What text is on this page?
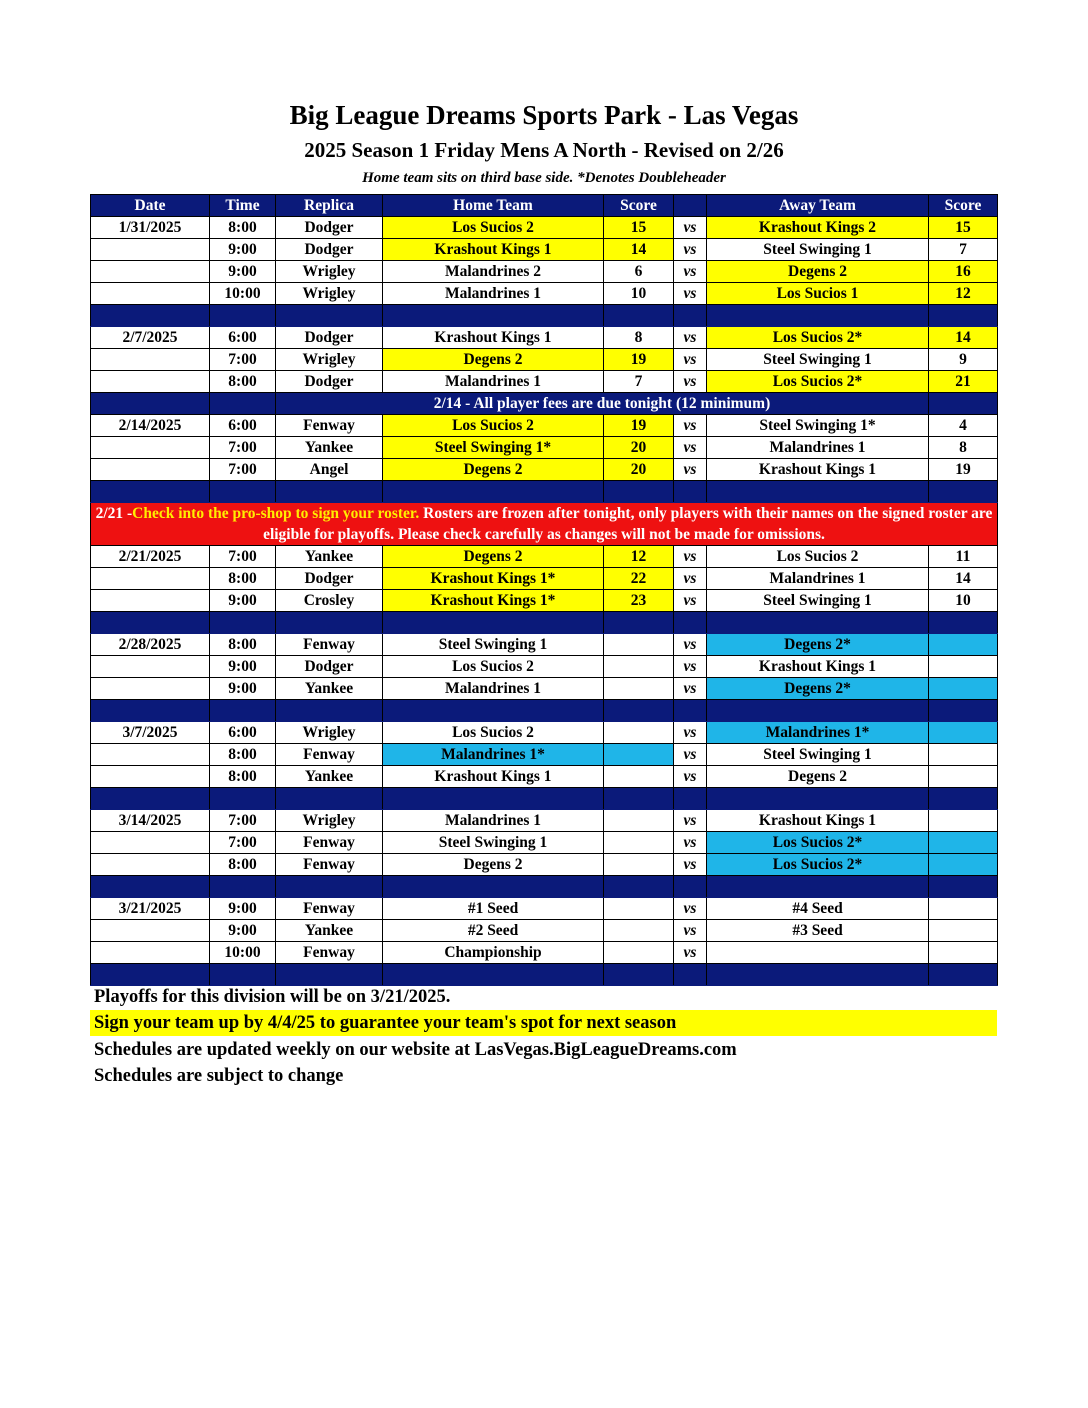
Big League Dreams Sports Park - Las Vegas
2025 Season 1 Friday Mens A North - Revised on 2/26
Home team sits on third base side. *Denotes Doubleheader
Date	Time	Replica	Home Team	Score		Away Team	Score
1/31/2025	8:00	Dodger	Los Sucios 2	15	vs	Krashout Kings 2	15
	9:00	Dodger	Krashout Kings 1	14	vs	Steel Swinging 1	7
	9:00	Wrigley	Malandrines 2	6	vs	Degens 2	16
	10:00	Wrigley	Malandrines 1	10	vs	Los Sucios 1	12

2/7/2025	6:00	Dodger	Krashout Kings 1	8	vs	Los Sucios 2*	14
	7:00	Wrigley	Degens 2	19	vs	Steel Swinging 1	9
	8:00	Dodger	Malandrines 1	7	vs	Los Sucios 2*	21
		2/14 - All player fees are due tonight (12 minimum)					
2/14/2025	6:00	Fenway	Los Sucios 2	19	vs	Steel Swinging 1*	4
	7:00	Yankee	Steel Swinging 1*	20	vs	Malandrines 1	8
	7:00	Angel	Degens 2	20	vs	Krashout Kings 1	19

2/21 -Check into the pro-shop to sign your roster. Rosters are frozen after tonight, only players with their names on the signed roster are eligible for playoffs. Please check carefully as changes will not be made for omissions.							
2/21/2025	7:00	Yankee	Degens 2	12	vs	Los Sucios 2	11
	8:00	Dodger	Krashout Kings 1*	22	vs	Malandrines 1	14
	9:00	Crosley	Krashout Kings 1*	23	vs	Steel Swinging 1	10

2/28/2025	8:00	Fenway	Steel Swinging 1		vs	Degens 2*	
	9:00	Dodger	Los Sucios 2		vs	Krashout Kings 1	
	9:00	Yankee	Malandrines 1		vs	Degens 2*	

3/7/2025	6:00	Wrigley	Los Sucios 2		vs	Malandrines 1*	
	8:00	Fenway	Malandrines 1*		vs	Steel Swinging 1	
	8:00	Yankee	Krashout Kings 1		vs	Degens 2	

3/14/2025	7:00	Wrigley	Malandrines 1		vs	Krashout Kings 1	
	7:00	Fenway	Steel Swinging 1		vs	Los Sucios 2*	
	8:00	Fenway	Degens 2		vs	Los Sucios 2*	

3/21/2025	9:00	Fenway	#1 Seed		vs	#4 Seed	
	9:00	Yankee	#2 Seed		vs	#3 Seed	
	10:00	Fenway	Championship		vs		

Playoffs for this division will be on 3/21/2025.
Sign your team up by 4/4/25 to guarantee your team's spot for next season
Schedules are updated weekly on our website at LasVegas.BigLeagueDreams.com
Schedules are subject to change
